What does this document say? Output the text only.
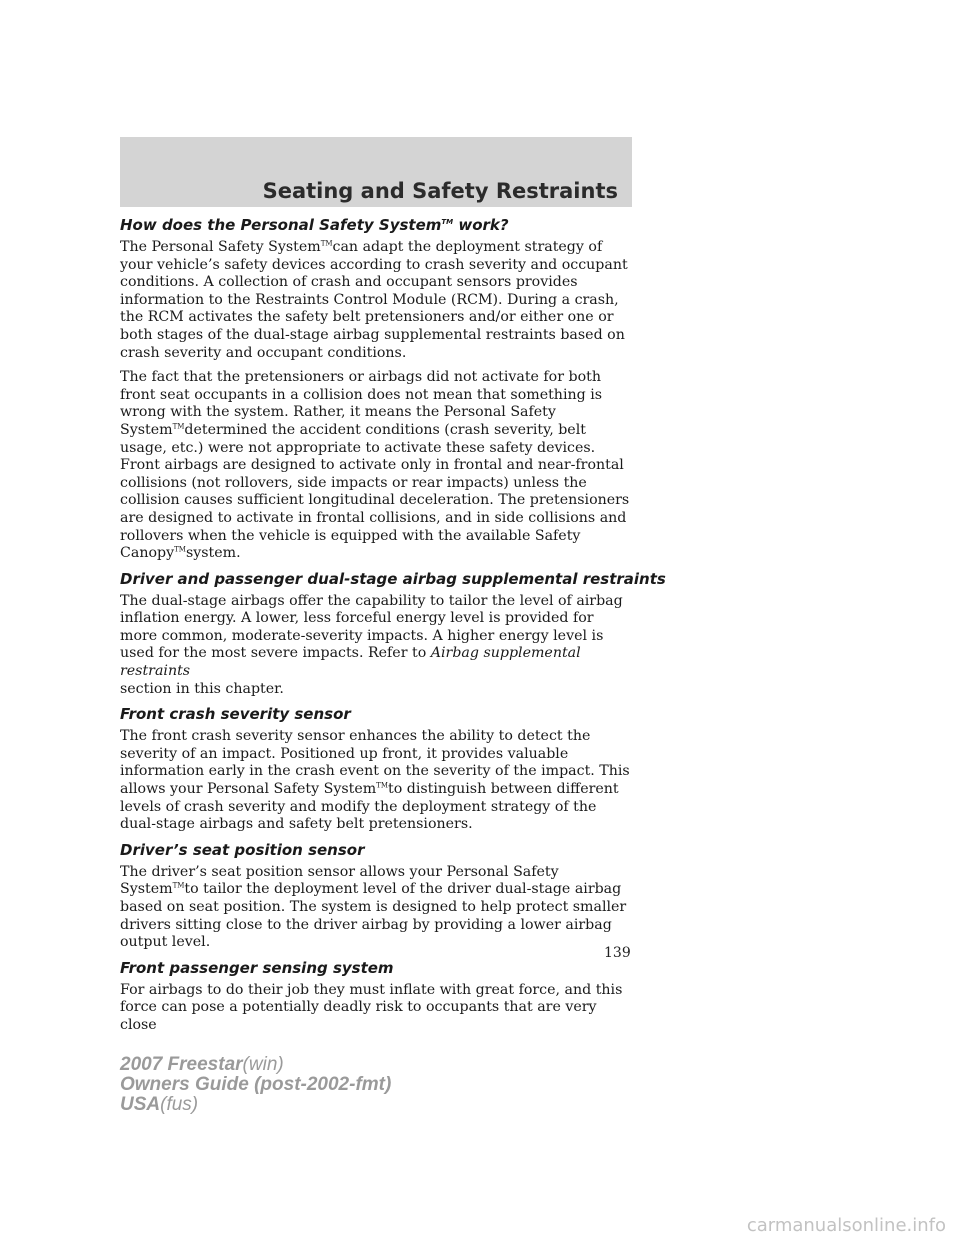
Seating and Safety Restraints
How does the Personal Safety System™ work?

The Personal Safety System™can adapt the deployment strategy of your vehicle’s safety devices according to crash severity and occupant conditions. A collection of crash and occupant sensors provides information to the Restraints Control Module (RCM). During a crash, the RCM activates the safety belt pretensioners and/or either one or both stages of the dual-stage airbag supplemental restraints based on crash severity and occupant conditions.

The fact that the pretensioners or airbags did not activate for both front seat occupants in a collision does not mean that something is wrong with the system. Rather, it means the Personal Safety System™determined the accident conditions (crash severity, belt usage, etc.) were not appropriate to activate these safety devices. Front airbags are designed to activate only in frontal and near-frontal collisions (not rollovers, side impacts or rear impacts) unless the collision causes sufficient longitudinal deceleration. The pretensioners are designed to activate in frontal collisions, and in side collisions and rollovers when the vehicle is equipped with the available Safety Canopy™system.

Driver and passenger dual-stage airbag supplemental restraints

The dual-stage airbags offer the capability to tailor the level of airbag inflation energy. A lower, less forceful energy level is provided for more common, moderate-severity impacts. A higher energy level is used for the most severe impacts. Refer to Airbag supplemental restraints
section in this chapter.

Front crash severity sensor

The front crash severity sensor enhances the ability to detect the severity of an impact. Positioned up front, it provides valuable information early in the crash event on the severity of the impact. This allows your Personal Safety System™to distinguish between different levels of crash severity and modify the deployment strategy of the dual-stage airbags and safety belt pretensioners.

Driver’s seat position sensor

The driver’s seat position sensor allows your Personal Safety System™to tailor the deployment level of the driver dual-stage airbag based on seat position. The system is designed to help protect smaller drivers sitting close to the driver airbag by providing a lower airbag output level.

Front passenger sensing system

For airbags to do their job they must inflate with great force, and this force can pose a potentially deadly risk to occupants that are very close

139
2007 Freestar(win)
Owners Guide (post-2002-fmt)
USA(fus)
carmanualsonline.info
